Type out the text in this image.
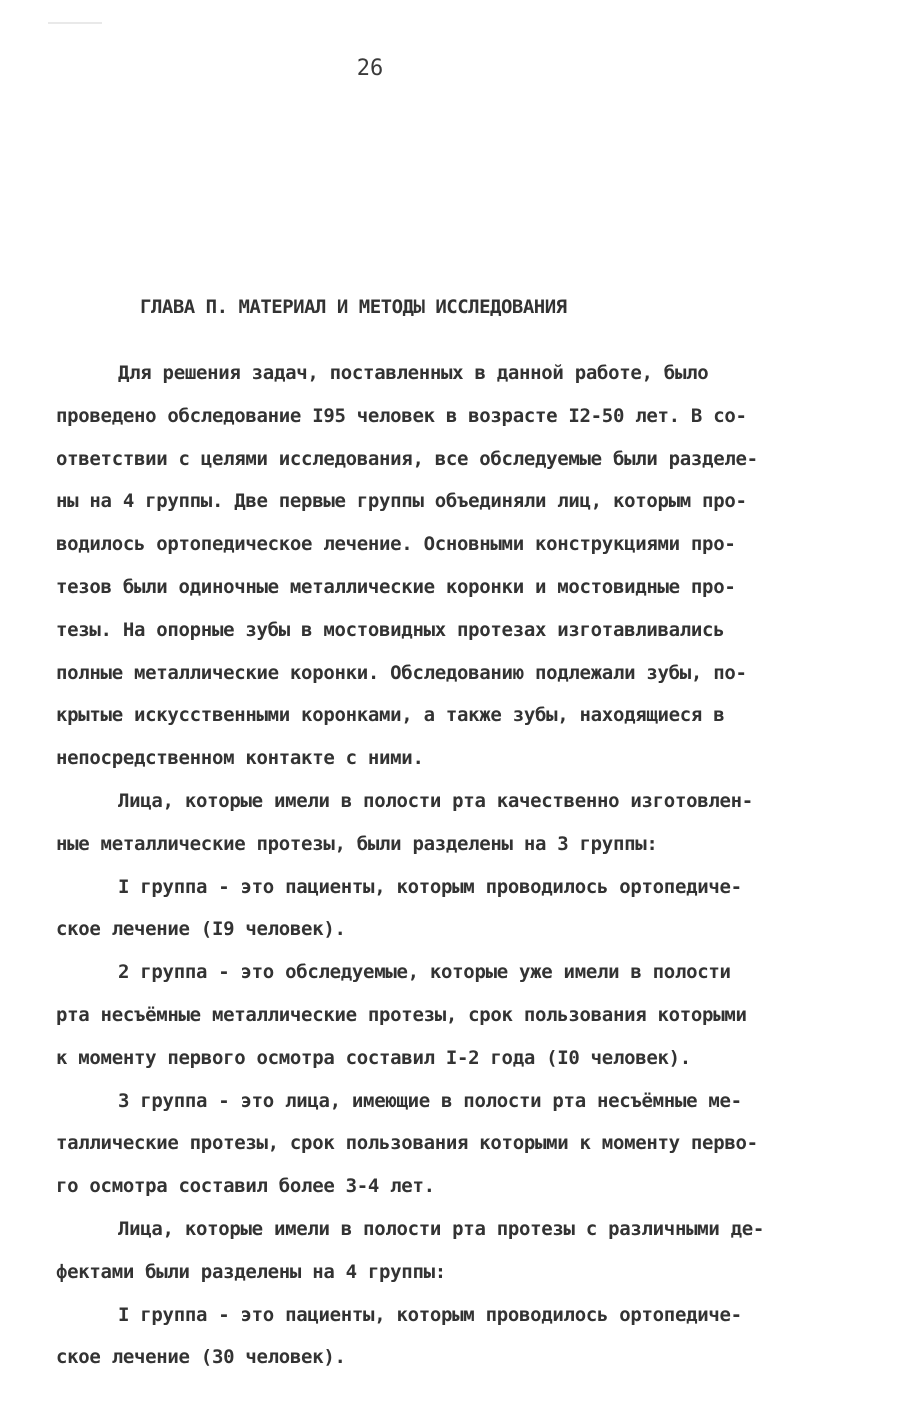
26
ГЛАВА П. МАТЕРИАЛ И МЕТОДЫ ИССЛЕДОВАНИЯ
Для решения задач, поставленных в данной работе, было
проведено обследование I95 человек в возрасте I2-50 лет. В со-
ответствии с целями исследования, все обследуемые были разделе-
ны на 4 группы. Две первые группы объединяли лиц, которым про-
водилось ортопедическое лечение. Основными конструкциями про-
тезов были одиночные металлические коронки и мостовидные про-
тезы. На опорные зубы в мостовидных протезах изготавливались
полные металлические коронки. Обследованию подлежали зубы, по-
крытые искусственными коронками, а также зубы, находящиеся в
непосредственном контакте с ними.
Лица, которые имели в полости рта качественно изготовлен-
ные металлические протезы, были разделены на 3 группы:
I группа - это пациенты, которым проводилось ортопедиче-
ское лечение (I9 человек).
2 группа - это обследуемые, которые уже имели в полости
рта несъёмные металлические протезы, срок пользования которыми
к моменту первого осмотра составил I-2 года (I0 человек).
3 группа - это лица, имеющие в полости рта несъёмные ме-
таллические протезы, срок пользования которыми к моменту перво-
го осмотра составил более 3-4 лет.
Лица, которые имели в полости рта протезы с различными де-
фектами были разделены на 4 группы:
I группа - это пациенты, которым проводилось ортопедиче-
ское лечение (30 человек).
